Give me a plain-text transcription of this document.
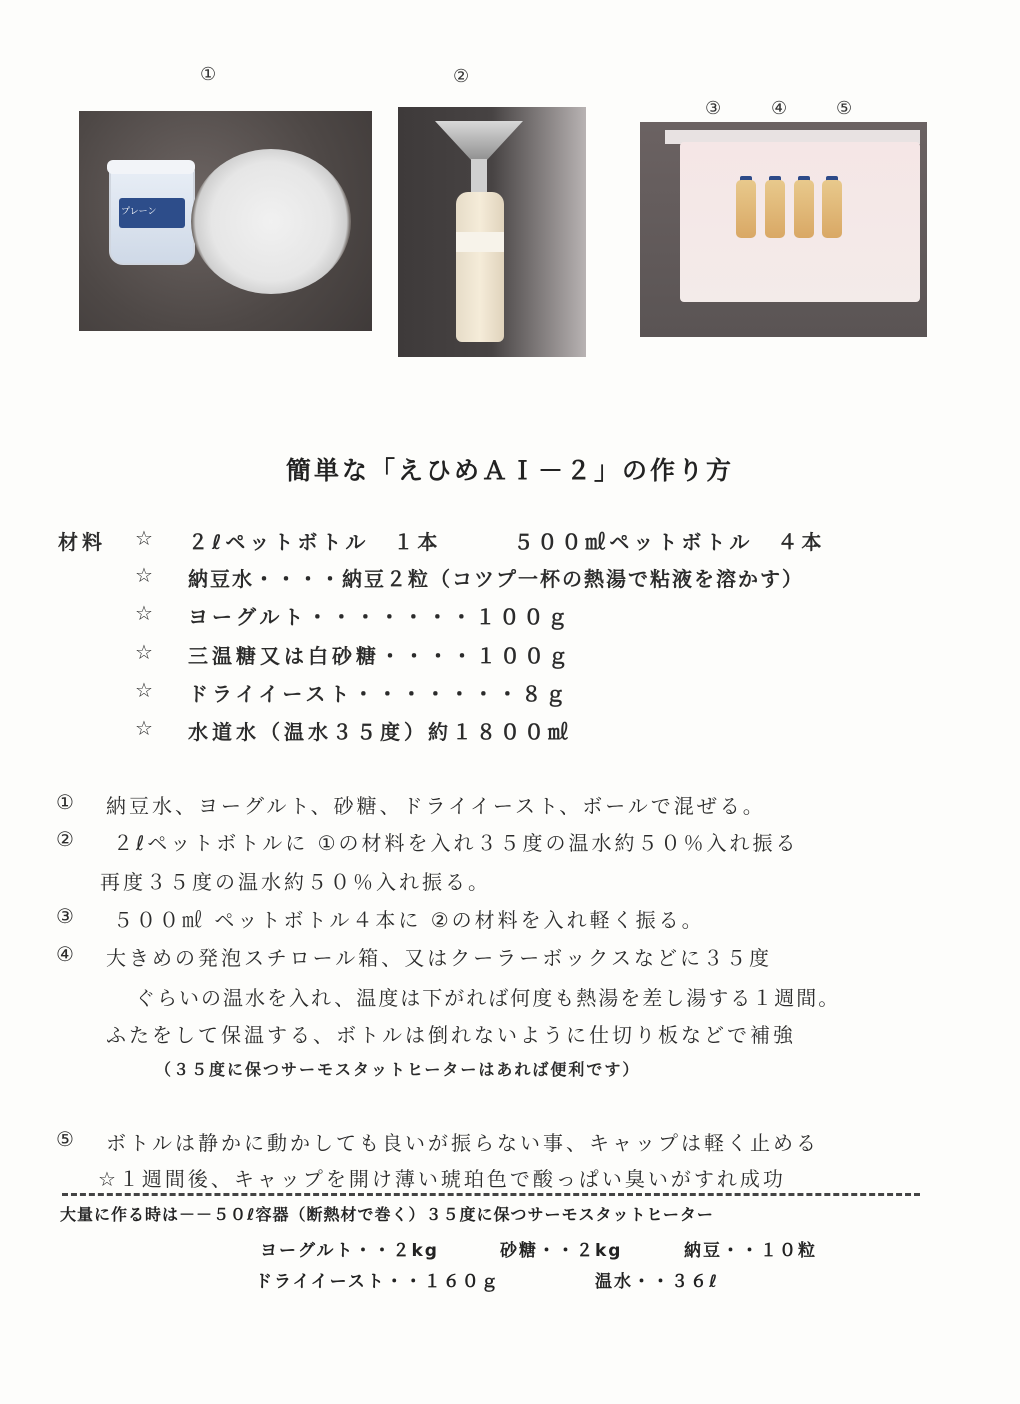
①	②
③	④	⑤
プレーン
簡単な「えひめＡＩ－２」の作り方
材料 ☆ ２ℓペットボトル　１本　　　５００㎖ペットボトル　４本
☆ 納豆水・・・・納豆２粒（コツプ一杯の熱湯で粘液を溶かす）
☆ ヨーグルト・・・・・・・１００ｇ
☆ 三温糖又は白砂糖・・・・１００ｇ
☆ ドライイースト・・・・・・・８ｇ
☆ 水道水（温水３５度）約１８００㎖
① 納豆水、ヨーグルト、砂糖、ドライイースト、ボールで混ぜる。
② ２ℓペットボトルに ①の材料を入れ３５度の温水約５０％入れ振る
再度３５度の温水約５０％入れ振る。
③ ５００㎖ ペットボトル４本に ②の材料を入れ軽く振る。
④ 大きめの発泡スチロール箱、又はクーラーボックスなどに３５度
ぐらいの温水を入れ、温度は下がれば何度も熱湯を差し湯する１週間。
ふたをして保温する、ボトルは倒れないように仕切り板などで補強
（３５度に保つサーモスタットヒーターはあれば便利です）
⑤ ボトルは静かに動かしても良いが振らない事、キャップは軽く止める
☆１週間後、キャップを開け薄い琥珀色で酸っぱい臭いがすれ成功
大量に作る時は－－５０ℓ容器（断熱材で巻く）３５度に保つサーモスタットヒーター
ヨーグルト・・２kg	砂糖・・２kg	納豆・・１０粒
ドライイースト・・１６０ｇ	温水・・３６ℓ
